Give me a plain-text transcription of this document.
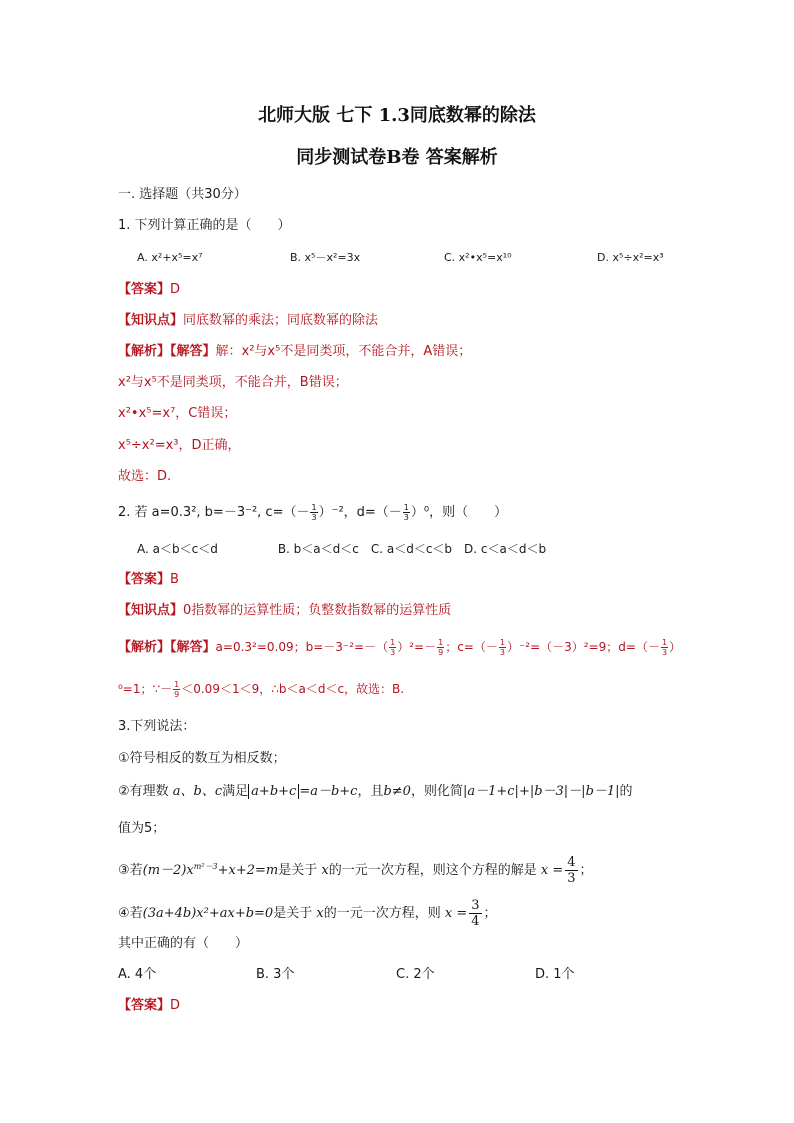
北师大版 七下 1.3同底数幂的除法
同步测试卷B卷 答案解析
一. 选择题（共30分）
1. 下列计算正确的是（　　）
A. x²+x⁵=x⁷	B. x⁵－x²=3x	C. x²•x⁵=x¹⁰	D. x⁵÷x²=x³
【答案】D
【知识点】同底数幂的乘法；同底数幂的除法
【解析】【解答】解：x²与x⁵不是同类项，不能合并，A错误；
x²与x⁵不是同类项，不能合并，B错误；
x²•x⁵=x⁷，C错误；
x⁵÷x²=x³，D正确，
故选：D.
2. 若 a=0.3², b=－3⁻², $c=(- \frac{1}{3} )^{-2}$，$d=(- \frac{1}{3} )^0$，则（　　）
A. a＜b＜c＜d　　　　　B. b＜a＜d＜c　C. a＜d＜c＜b　D. c＜a＜d＜b
【答案】B
【知识点】0指数幂的运算性质；负整数指数幂的运算性质
【解析】【解答】a=0.3²=0.09；$b=-3^{-2}=-( \frac{1}{3} )^2=- \frac{1}{9}$ ；$c=(- \frac{1}{3} )^{-2}=(-3)^2=9$；$d=(- \frac{1}{3}$ ）
⁰=1；∵－ $\frac{1}{9} <0.09<1<9$，∴b＜a＜d＜c，故选：B.
3.下列说法：
①符号相反的数互为相反数；
②有理数 a、b、c满足 a+b+c =a－b+c，且b≠0，则化简|a－1+c|+|b－3|－|b－1|的
值为5；
③若$(m-2)x^{m^2-3}+x+2=m$是关于 x的一元一次方程，则这个方程的解是 $x = \frac{4}{3}$ ；
④若(3a+4b)x²+ax+b=0是关于 x的一元一次方程，则 $x = \frac{3}{4}$ ；
其中正确的有（　　）
A. 4个	B. 3个	C. 2个	D. 1个
【答案】D
